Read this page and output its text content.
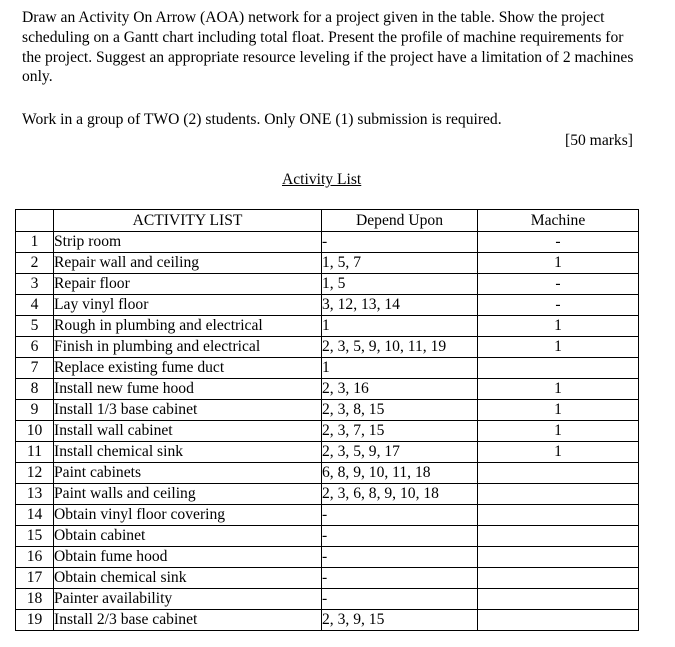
Draw an Activity On Arrow (AOA) network for a project given in the table. Show the project scheduling on a Gantt chart including total float. Present the profile of machine requirements for the project. Suggest an appropriate resource leveling if the project have a limitation of 2 machines only.

Work in a group of TWO (2) students. Only ONE (1) submission is required.
[50 marks]
Activity List
	ACTIVITY LIST	Depend Upon	Machine
1	Strip room	-	-
2	Repair wall and ceiling	1, 5, 7	1
3	Repair floor	1, 5	-
4	Lay vinyl floor	3, 12, 13, 14	-
5	Rough in plumbing and electrical	1	1
6	Finish in plumbing and electrical	2, 3, 5, 9, 10, 11, 19	1
7	Replace existing fume duct	1	
8	Install new fume hood	2, 3, 16	1
9	Install 1/3 base cabinet	2, 3, 8, 15	1
10	Install wall cabinet	2, 3, 7, 15	1
11	Install chemical sink	2, 3, 5, 9, 17	1
12	Paint cabinets	6, 8, 9, 10, 11, 18	
13	Paint walls and ceiling	2, 3, 6, 8, 9, 10, 18	
14	Obtain vinyl floor covering	-	
15	Obtain cabinet	-	
16	Obtain fume hood	-	
17	Obtain chemical sink	-	
18	Painter availability	-	
19	Install 2/3 base cabinet	2, 3, 9, 15	
